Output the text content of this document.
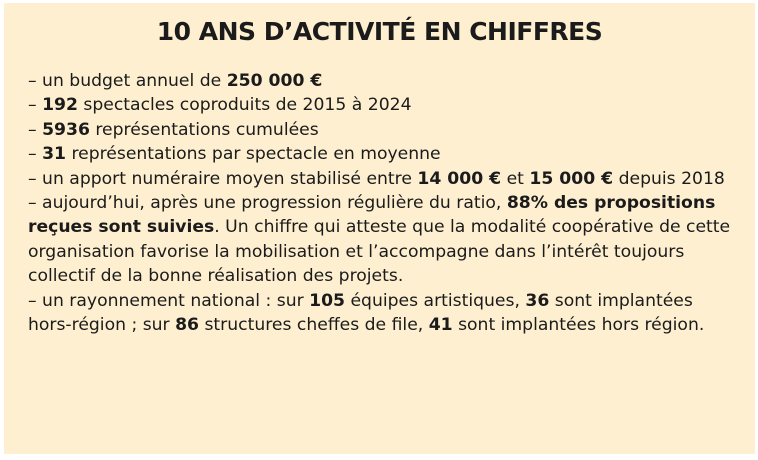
10 ANS D’ACTIVITÉ EN CHIFFRES
– un budget annuel de 250 000 €
– 192 spectacles coproduits de 2015 à 2024
– 5936 représentations cumulées
– 31 représentations par spectacle en moyenne
– un apport numéraire moyen stabilisé entre 14 000 € et 15 000 € depuis 2018
– aujourd’hui, après une progression régulière du ratio, 88% des propositions reçues sont suivies. Un chiffre qui atteste que la modalité coopérative de cette organisation favorise la mobilisation et l’accompagne dans l’intérêt toujours collectif de la bonne réalisation des projets.
– un rayonnement national : sur 105 équipes artistiques, 36 sont implantées hors-région ; sur 86 structures cheffes de file, 41 sont implantées hors région.
